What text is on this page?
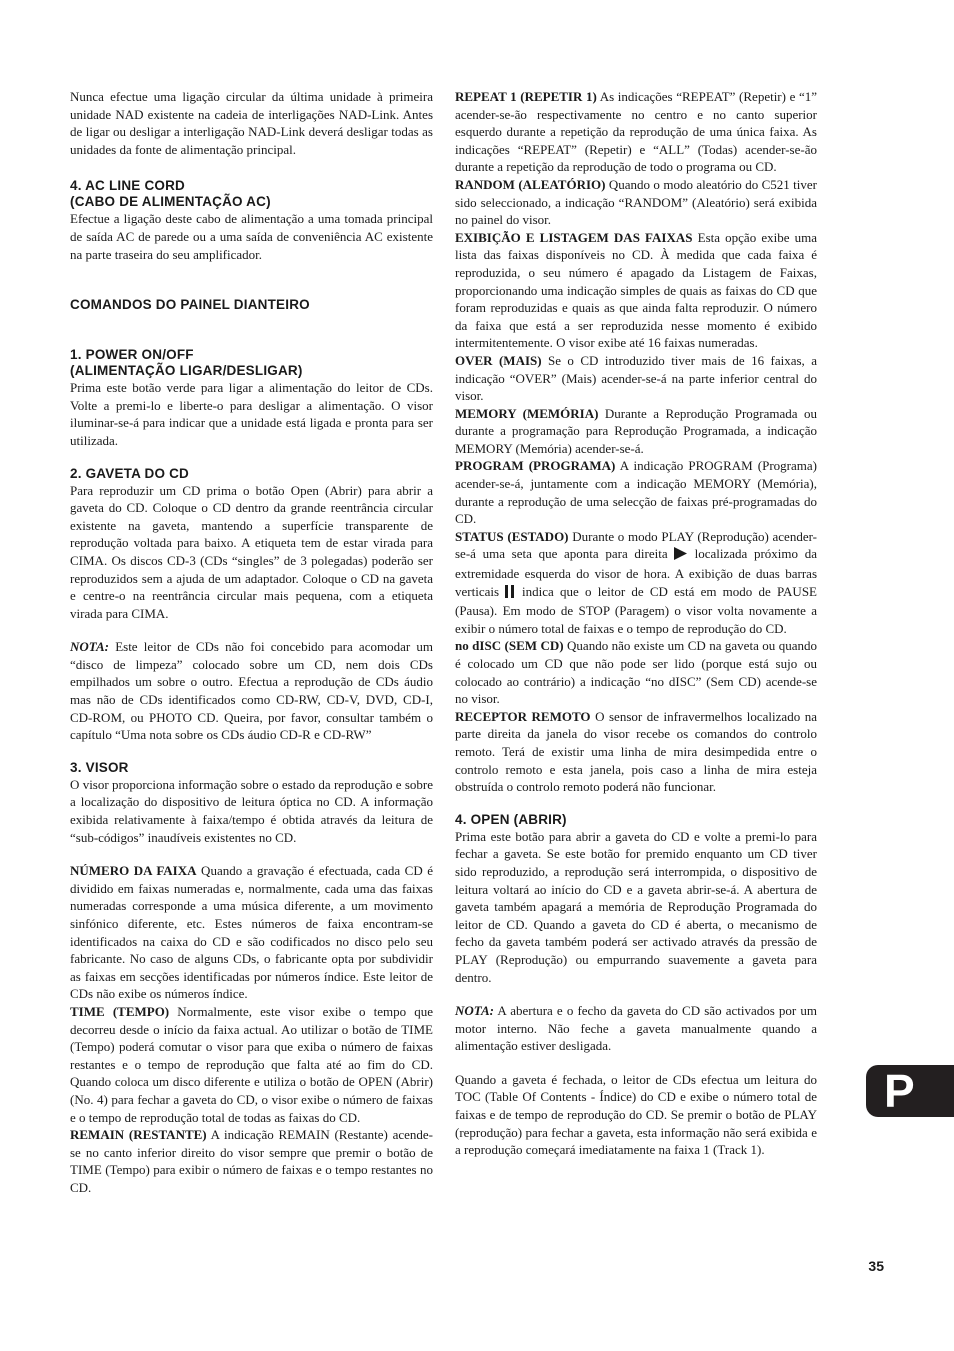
Nunca efectue uma ligação circular da última unidade à primeira unidade NAD existente na cadeia de interligações NAD-Link. Antes de ligar ou desligar a interligação NAD-Link deverá desligar todas as unidades da fonte de alimentação principal.

4. AC LINE CORD
(CABO DE ALIMENTAÇÃO AC)

Efectue a ligação deste cabo de alimentação a uma tomada principal de saída AC de parede ou a uma saída de conveniência AC existente na parte traseira do seu amplificador.

COMANDOS DO PAINEL DIANTEIRO
1. POWER ON/OFF
(ALIMENTAÇÃO LIGAR/DESLIGAR)

Prima este botão verde para ligar a alimentação do leitor de CDs. Volte a premi-lo e liberte-o para desligar a alimentação. O visor iluminar-se-á para indicar que a unidade está ligada e pronta para ser utilizada.

2. GAVETA DO CD

Para reproduzir um CD prima o botão Open (Abrir) para abrir a gaveta do CD. Coloque o CD dentro da grande reentrância circular existente na gaveta, mantendo a superfície transparente de reprodução voltada para baixo. A etiqueta tem de estar virada para CIMA. Os discos CD-3 (CDs “singles” de 3 polegadas) poderão ser reproduzidos sem a ajuda de um adaptador. Coloque o CD na gaveta e centre-o na reentrância circular mais pequena, com a etiqueta virada para CIMA.

NOTA: Este leitor de CDs não foi concebido para acomodar um “disco de limpeza” colocado sobre um CD, nem dois CDs empilhados um sobre o outro. Efectua a reprodução de CDs áudio mas não de CDs identificados como CD-RW, CD-V, DVD, CD-I, CD-ROM, ou PHOTO CD. Queira, por favor, consultar também o capítulo “Uma nota sobre os CDs áudio CD-R e CD-RW”

3. VISOR

O visor proporciona informação sobre o estado da reprodução e sobre a localização do dispositivo de leitura óptica no CD. A informação exibida relativamente à faixa/tempo é obtida através da leitura de “sub-códigos” inaudíveis existentes no CD.

NÚMERO DA FAIXA Quando a gravação é efectuada, cada CD é dividido em faixas numeradas e, normalmente, cada uma das faixas numeradas corresponde a uma música diferente, a um movimento sinfónico diferente, etc. Estes números de faixa encontram-se identificados na caixa do CD e são codificados no disco pelo seu fabricante. No caso de alguns CDs, o fabricante opta por subdividir as faixas em secções identificadas por números índice. Este leitor de CDs não exibe os números índice.

TIME (TEMPO) Normalmente, este visor exibe o tempo que decorreu desde o início da faixa actual. Ao utilizar o botão de TIME (Tempo) poderá comutar o visor para que exiba o número de faixas restantes e o tempo de reprodução que falta até ao fim do CD. Quando coloca um disco diferente e utiliza o botão de OPEN (Abrir) (No. 4) para fechar a gaveta do CD, o visor exibe o número de faixas e o tempo de reprodução total de todas as faixas do CD.

REMAIN (RESTANTE) A indicação REMAIN (Restante) acende-se no canto inferior direito do visor sempre que premir o botão de TIME (Tempo) para exibir o número de faixas e o tempo restantes no CD.

REPEAT 1 (REPETIR 1) As indicações “REPEAT” (Repetir) e “1” acender-se-ão respectivamente no centro e no canto superior esquerdo durante a repetição da reprodução de uma única faixa. As indicações “REPEAT” (Repetir) e “ALL” (Todas) acender-se-ão durante a repetição da reprodução de todo o programa ou CD.

RANDOM (ALEATÓRIO) Quando o modo aleatório do C521 tiver sido seleccionado, a indicação “RANDOM” (Aleatório) será exibida no painel do visor.

EXIBIÇÃO E LISTAGEM DAS FAIXAS Esta opção exibe uma lista das faixas disponíveis no CD. À medida que cada faixa é reproduzida, o seu número é apagado da Listagem de Faixas, proporcionando uma indicação simples de quais as faixas do CD que foram reproduzidas e quais as que ainda falta reproduzir. O número da faixa que está a ser reproduzida nesse momento é exibido intermitentemente. O visor exibe até 16 faixas numeradas.

OVER (MAIS) Se o CD introduzido tiver mais de 16 faixas, a indicação “OVER” (Mais) acender-se-á na parte inferior central do visor.

MEMORY (MEMÓRIA) Durante a Reprodução Programada ou durante a programação para Reprodução Programada, a indicação MEMORY (Memória) acender-se-á.

PROGRAM (PROGRAMA) A indicação PROGRAM (Programa) acender-se-á, juntamente com a indicação MEMORY (Memória), durante a reprodução de uma selecção de faixas pré-programadas do CD.

STATUS (ESTADO) Durante o modo PLAY (Reprodução) acender-se-á uma seta que aponta para direita localizada próximo da extremidade esquerda do visor de hora. A exibição de duas barras verticais indica que o leitor de CD está em modo de PAUSE (Pausa). Em modo de STOP (Paragem) o visor volta novamente a exibir o número total de faixas e o tempo de reprodução do CD.

no dISC (SEM CD) Quando não existe um CD na gaveta ou quando é colocado um CD que não pode ser lido (porque está sujo ou colocado ao contrário) a indicação “no dISC” (Sem CD) acende-se no visor.

RECEPTOR REMOTO O sensor de infravermelhos localizado na parte direita da janela do visor recebe os comandos do controlo remoto. Terá de existir uma linha de mira desimpedida entre o controlo remoto e esta janela, pois caso a linha de mira esteja obstruída o controlo remoto poderá não funcionar.

4. OPEN (ABRIR)

Prima este botão para abrir a gaveta do CD e volte a premi-lo para fechar a gaveta. Se este botão for premido enquanto um CD tiver sido reproduzido, a reprodução será interrompida, o dispositivo de leitura voltará ao início do CD e a gaveta abrir-se-á. A abertura de gaveta também apagará a memória de Reprodução Programada do leitor de CD. Quando a gaveta do CD é aberta, o mecanismo de fecho da gaveta também poderá ser activado através da pressão de PLAY (Reprodução) ou empurrando suavemente a gaveta para dentro.

NOTA: A abertura e o fecho da gaveta do CD são activados por um motor interno. Não feche a gaveta manualmente quando a alimentação estiver desligada.

Quando a gaveta é fechada, o leitor de CDs efectua um leitura do TOC (Table Of Contents - Índice) do CD e exibe o número total de faixas e de tempo de reprodução do CD. Se premir o botão de PLAY (reprodução) para fechar a gaveta, esta informação não será exibida e a reprodução começará imediatamente na faixa 1 (Track 1).

P
35
